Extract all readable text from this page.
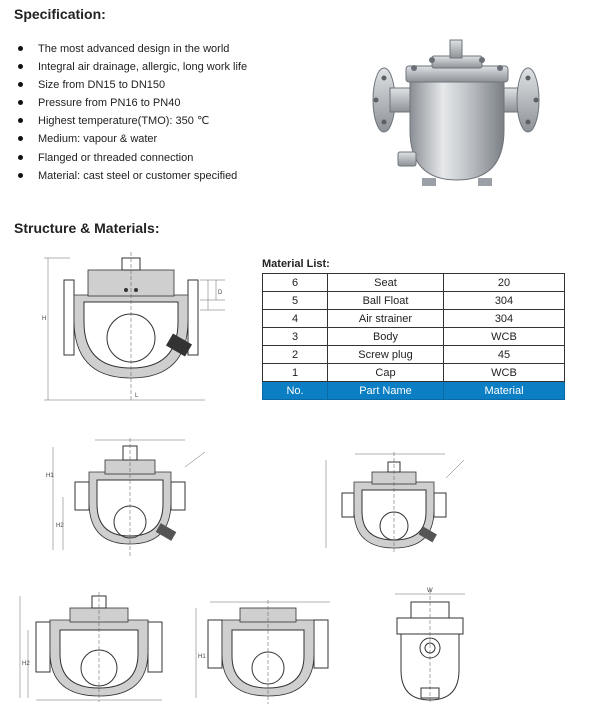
Specification:
The most advanced design in the world
Integral air drainage, allergic, long work life
Size from DN15 to DN150
Pressure from PN16 to PN40
Highest temperature(TMO): 350 ℃
Medium: vapour & water
Flanged or threaded connection
Material: cast steel or customer specified
Structure & Materials:
H
L
D
Material List:
6	Seat	20
5	Ball Float	304
4	Air strainer	304
3	Body	WCB
2	Screw plug	45
1	Cap	WCB
No.	Part Name	Material
H1
H2
H2
H1
W
